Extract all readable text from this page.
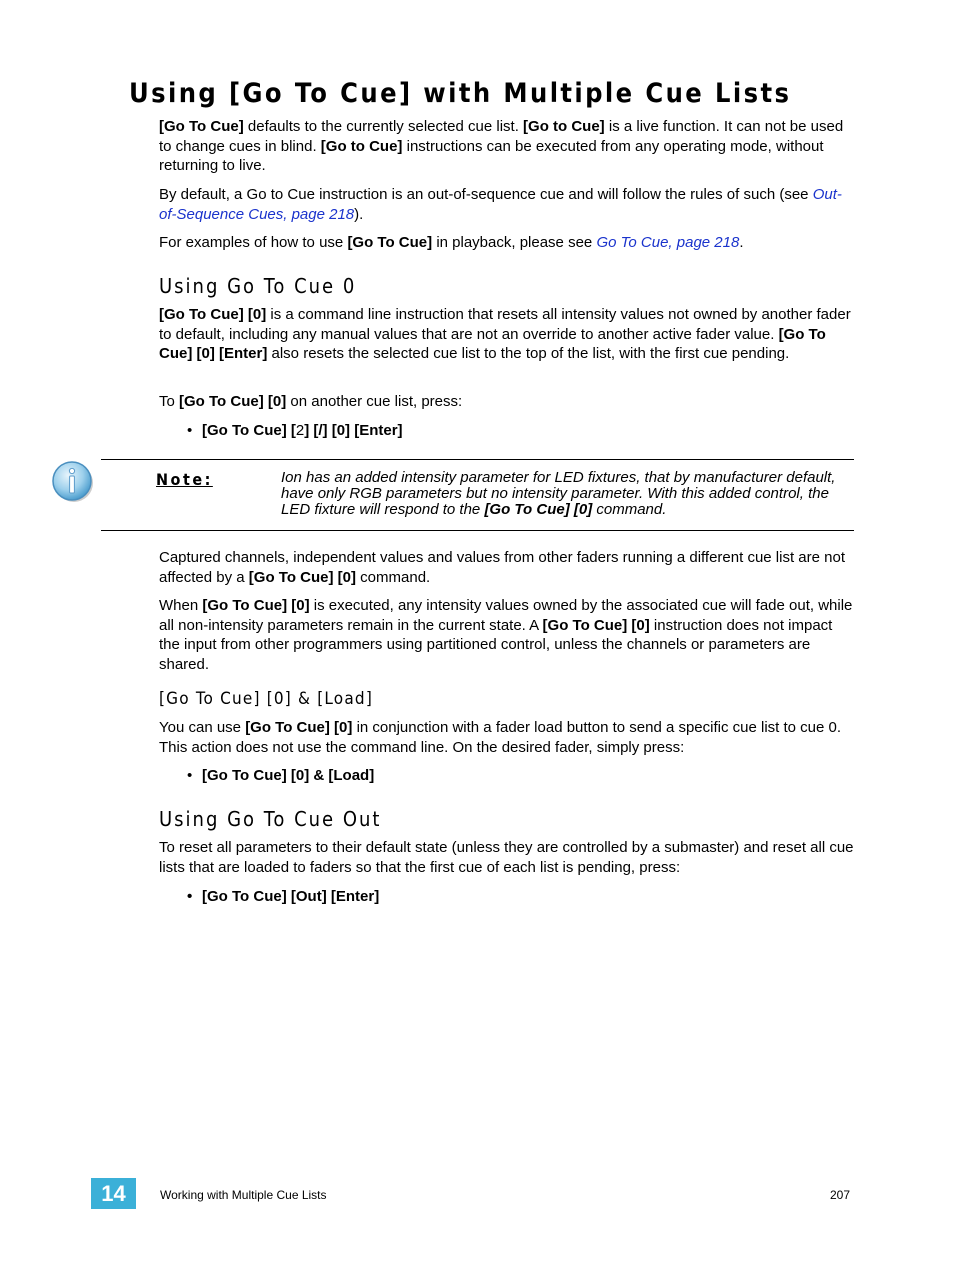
Using [Go To Cue] with Multiple Cue Lists

[Go To Cue] defaults to the currently selected cue list. [Go to Cue] is a live function. It can not be used to change cues in blind. [Go to Cue] instructions can be executed from any operating mode, without returning to live.

By default, a Go to Cue instruction is an out-of-sequence cue and will follow the rules of such (see Out-of-Sequence Cues, page 218).

For examples of how to use [Go To Cue] in playback, please see Go To Cue, page 218.

Using Go To Cue 0

[Go To Cue] [0] is a command line instruction that resets all intensity values not owned by another fader to default, including any manual values that are not an override to another active fader value. [Go To Cue] [0] [Enter] also resets the selected cue list to the top of the list, with the first cue pending.

To [Go To Cue] [0] on another cue list, press:

• [Go To Cue] [2] [/] [0] [Enter]
Note:	Ion has an added intensity parameter for LED fixtures, that by manufacturer default, have only RGB parameters but no intensity parameter. With this added control, the LED fixture will respond to the [Go To Cue] [0] command.

Captured channels, independent values and values from other faders running a different cue list are not affected by a [Go To Cue] [0] command.

When [Go To Cue] [0] is executed, any intensity values owned by the associated cue will fade out, while all non-intensity parameters remain in the current state. A [Go To Cue] [0] instruction does not impact the input from other programmers using partitioned control, unless the channels or parameters are shared.

[Go To Cue] [0] & [Load]

You can use [Go To Cue] [0] in conjunction with a fader load button to send a specific cue list to cue 0. This action does not use the command line. On the desired fader, simply press:

• [Go To Cue] [0] & [Load]
Using Go To Cue Out

To reset all parameters to their default state (unless they are controlled by a submaster) and reset all cue lists that are loaded to faders so that the first cue of each list is pending, press:

• [Go To Cue] [Out] [Enter]
14	Working with Multiple Cue Lists	207
